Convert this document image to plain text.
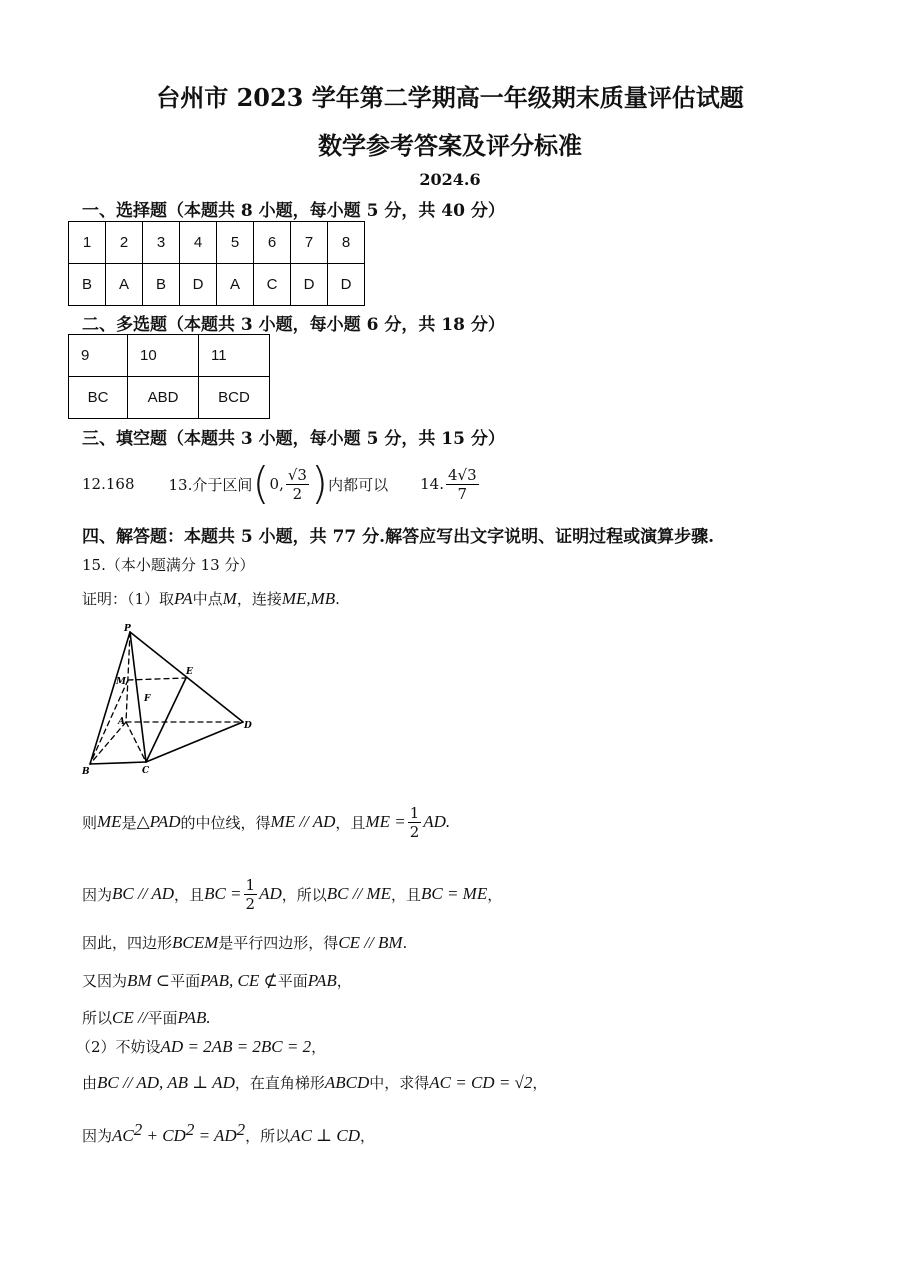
台州市 2023 学年第二学期高一年级期末质量评估试题
数学参考答案及评分标准
2024.6
一、选择题（本题共 8 小题，每小题 5 分，共 40 分）
1	2	3	4	5	6	7	8
B	A	B	D	A	C	D	D
二、多选题（本题共 3 小题，每小题 6 分，共 18 分）
9	10	11
BC	ABD	BCD
三、填空题（本题共 3 小题，每小题 5 分，共 15 分）
12.168 13.介于区间 ( 0, $\frac{√3}{2}$ ) 内都可以 14. $\frac{4√3}{7}$
四、解答题：本题共 5 小题，共 77 分.解答应写出文字说明、证明过程或演算步骤.
15.（本小题满分 13 分）
证明：（1）取PA中点M，连接ME,MB.
P
E
M
F
A	D
B	C
则 ME 是 △PAD 的中位线，得 ME // AD ，且 ME = $\frac{1}{2}$ AD.
因为 BC // AD ，且 BC = $\frac{1}{2}$ AD ，所以 BC // ME ，且 BC = ME ，
因此，四边形BCEM是平行四边形，得CE // BM.
又因为BM ⊂平面PAB, CE ⊄平面PAB，
所以CE //平面PAB.
（2）不妨设AD = 2AB = 2BC = 2，
由BC // AD, AB ⊥ AD，在直角梯形ABCD中，求得AC = CD = √2，
因为$AC^2 + CD^2 = AD^2$，所以AC ⊥ CD，
